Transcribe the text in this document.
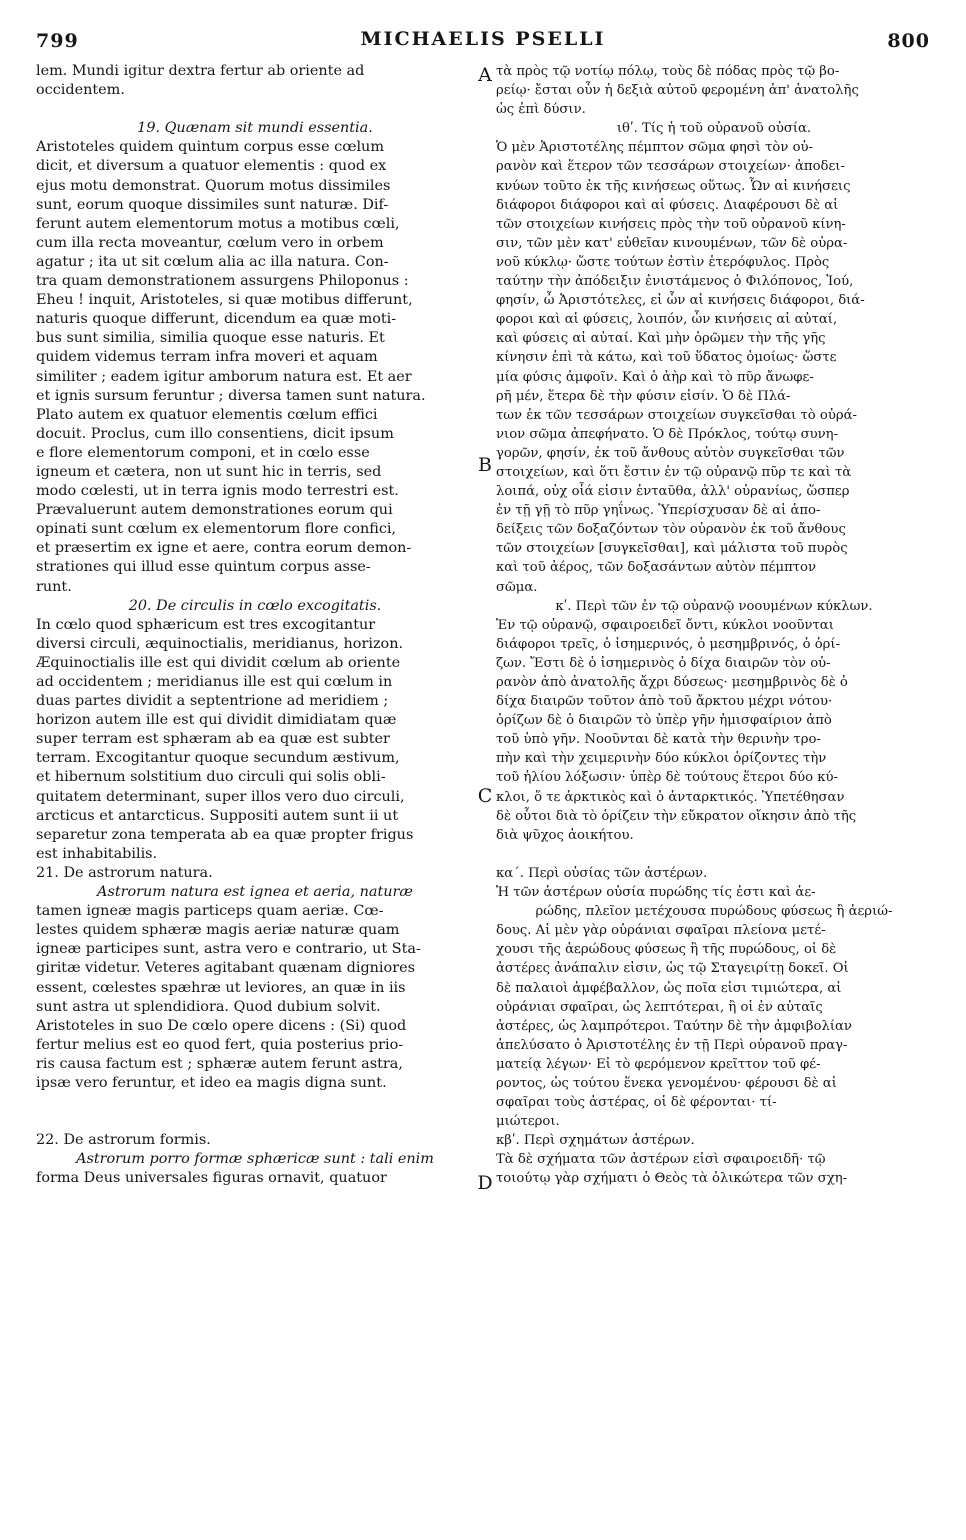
799	MICHAELIS PSELLI	800
A
B
C
D
lem. Mundi igitur dextra fertur ab oriente ad
occidentem.
19. Quænam sit mundi essentia.
Aristoteles quidem quintum corpus esse cœlum
dicit, et diversum a quatuor elementis : quod ex
ejus motu demonstrat. Quorum motus dissimiles
sunt, eorum quoque dissimiles sunt naturæ. Dif-
ferunt autem elementorum motus a motibus cœli,
cum illa recta moveantur, cœlum vero in orbem
agatur ; ita ut sit cœlum alia ac illa natura. Con-
tra quam demonstrationem assurgens Philoponus :
Eheu ! inquit, Aristoteles, si quæ motibus differunt,
naturis quoque differunt, dicendum ea quæ moti-
bus sunt similia, similia quoque esse naturis. Et
quidem videmus terram infra moveri et aquam
similiter ; eadem igitur amborum natura est. Et aer
et ignis sursum feruntur ; diversa tamen sunt natura.
Plato autem ex quatuor elementis cœlum effici
docuit. Proclus, cum illo consentiens, dicit ipsum
e flore elementorum componi, et in cœlo esse
igneum et cætera, non ut sunt hic in terris, sed
modo cœlesti, ut in terra ignis modo terrestri est.
Prævaluerunt autem demonstrationes eorum qui
opinati sunt cœlum ex elementorum flore confici,
et præsertim ex igne et aere, contra eorum demon-
strationes qui illud esse quintum corpus asse-
runt.
20. De circulis in cœlo excogitatis.
In cœlo quod sphæricum est tres excogitantur
diversi circuli, æquinoctialis, meridianus, horizon.
Æquinoctialis ille est qui dividit cœlum ab oriente
ad occidentem ; meridianus ille est qui cœlum in
duas partes dividit a septentrione ad meridiem ;
horizon autem ille est qui dividit dimidiatam quæ
super terram est sphæram ab ea quæ est subter
terram. Excogitantur quoque secundum æstivum,
et hibernum solstitium duo circuli qui solis obli-
quitatem determinant, super illos vero duo circuli,
arcticus et antarcticus. Suppositi autem sunt ii ut
separetur zona temperata ab ea quæ propter frigus
est inhabitabilis.
21. De astrorum natura.
Astrorum natura est ignea et aeria, naturæ
tamen igneæ magis particeps quam aeriæ. Cœ-
lestes quidem sphæræ magis aeriæ naturæ quam
igneæ participes sunt, astra vero e contrario, ut Sta-
giritæ videtur. Veteres agitabant quænam digniores
essent, cœlestes spæhræ ut leviores, an quæ in iis
sunt astra ut splendidiora. Quod dubium solvit.
Aristoteles in suo De cœlo opere dicens : (Si) quod
fertur melius est eo quod fert, quia posterius prio-
ris causa factum est ; sphæræ autem ferunt astra,
ipsæ vero feruntur, et ideo ea magis digna sunt.
22. De astrorum formis.
Astrorum porro formæ sphæricæ sunt : tali enim
forma Deus universales figuras ornavit, quatuor
τὰ πρὸς τῷ νοτίῳ πόλῳ, τοὺς δὲ πόδας πρὸς τῷ βο-
ρείῳ· ἔσται οὖν ἡ δεξιὰ αὐτοῦ φερομένη ἀπ' ἀνατολῆς
ὡς ἐπὶ δύσιν.
ιθʹ. Τίς ἡ τοῦ οὐρανοῦ οὐσία.
Ὁ μὲν Ἀριστοτέλης πέμπτον σῶμα φησὶ τὸν οὐ-
ρανὸν καὶ ἕτερον τῶν τεσσάρων στοιχείων· ἀποδει-
κνύων τοῦτο ἐκ τῆς κινήσεως οὕτως. Ὧν αἱ κινήσεις
διάφοροι διάφοροι καὶ αἱ φύσεις. Διαφέρουσι δὲ αἱ
τῶν στοιχείων κινήσεις πρὸς τὴν τοῦ οὐρανοῦ κίνη-
σιν, τῶν μὲν κατ' εὐθεῖαν κινουμένων, τῶν δὲ οὐρα-
νοῦ κύκλῳ· ὥστε τούτων ἐστὶν ἑτερόφυλος. Πρὸς
ταύτην τὴν ἀπόδειξιν ἐνιστάμενος ὁ Φιλόπονος, Ἰού,
φησίν, ὦ Ἀριστότελες, εἰ ὧν αἱ κινήσεις διάφοροι, διά-
φοροι καὶ αἱ φύσεις, λοιπόν, ὧν κινήσεις αἱ αὐταί,
καὶ φύσεις αἱ αὐταί. Καὶ μὴν ὁρῶμεν τὴν τῆς γῆς
κίνησιν ἐπὶ τὰ κάτω, καὶ τοῦ ὕδατος ὁμοίως· ὥστε
μία φύσις ἀμφοῖν. Καὶ ὁ ἀὴρ καὶ τὸ πῦρ ἄνωφε-
ρῆ μέν, ἕτερα δὲ τὴν φύσιν εἰσίν. Ὁ δὲ Πλά-
των ἐκ τῶν τεσσάρων στοιχείων συγκεῖσθαι τὸ οὐρά-
νιον σῶμα ἀπεφήνατο. Ὁ δὲ Πρόκλος, τούτῳ συνη-
γορῶν, φησίν, ἐκ τοῦ ἄνθους αὐτὸν συγκεῖσθαι τῶν
στοιχείων, καὶ ὅτι ἔστιν ἐν τῷ οὐρανῷ πῦρ τε καὶ τὰ
λοιπά, οὐχ οἷά εἰσιν ἐνταῦθα, ἀλλ' οὐρανίως, ὥσπερ
ἐν τῇ γῇ τὸ πῦρ γηΐνως. Ὑπερίσχυσαν δὲ αἱ ἀπο-
δείξεις τῶν δοξαζόντων τὸν οὐρανὸν ἐκ τοῦ ἄνθους
τῶν στοιχείων [συγκεῖσθαι], καὶ μάλιστα τοῦ πυρὸς
καὶ τοῦ ἀέρος, τῶν δοξασάντων αὐτὸν πέμπτον
σῶμα.
κʹ. Περὶ τῶν ἐν τῷ οὐρανῷ νοουμένων κύκλων.
Ἐν τῷ οὐρανῷ, σφαιροειδεῖ ὄντι, κύκλοι νοοῦνται
διάφοροι τρεῖς, ὁ ἰσημερινός, ὁ μεσημβρινός, ὁ ὁρί-
ζων. Ἔστι δὲ ὁ ἰσημερινὸς ὁ δίχα διαιρῶν τὸν οὐ-
ρανὸν ἀπὸ ἀνατολῆς ἄχρι δύσεως· μεσημβρινὸς δὲ ὁ
δίχα διαιρῶν τοῦτον ἀπὸ τοῦ ἄρκτου μέχρι νότου·
ὁρίζων δὲ ὁ διαιρῶν τὸ ὑπὲρ γῆν ἡμισφαίριον ἀπὸ
τοῦ ὑπὸ γῆν. Νοοῦνται δὲ κατὰ τὴν θερινὴν τρο-
πὴν καὶ τὴν χειμερινὴν δύο κύκλοι ὁρίζοντες τὴν
τοῦ ἡλίου λόξωσιν· ὑπὲρ δὲ τούτους ἕτεροι δύο κύ-
κλοι, ὅ τε ἀρκτικὸς καὶ ὁ ἀνταρκτικός. Ὑπετέθησαν
δὲ οὗτοι διὰ τὸ ὁρίζειν τὴν εὔκρατον οἴκησιν ἀπὸ τῆς
διὰ ψῦχος ἀοικήτου.
κα΄. Περὶ οὐσίας τῶν ἀστέρων.
Ἡ τῶν ἀστέρων οὐσία πυρώδης τίς ἐστι καὶ ἀε-
ρώδης, πλεῖον μετέχουσα πυρώδους φύσεως ἢ ἀεριώ-
δους. Αἱ μὲν γὰρ οὐράνιαι σφαῖραι πλείονα μετέ-
χουσι τῆς ἀερώδους φύσεως ἢ τῆς πυρώδους, οἱ δὲ
ἀστέρες ἀνάπαλιν εἰσιν, ὡς τῷ Σταγειρίτῃ δοκεῖ. Οἱ
δὲ παλαιοὶ ἀμφέβαλλον, ὡς ποῖα εἰσι τιμιώτερα, αἱ
οὐράνιαι σφαῖραι, ὡς λεπτότεραι, ἢ οἱ ἐν αὐταῖς
ἀστέρες, ὡς λαμπρότεροι. Ταύτην δὲ τὴν ἀμφιβολίαν
ἀπελύσατο ὁ Ἀριστοτέλης ἐν τῇ Περὶ οὐρανοῦ πραγ-
ματείᾳ λέγων· Εἰ τὸ φερόμενον κρεῖττον τοῦ φέ-
ροντος, ὡς τούτου ἕνεκα γενομένου· φέρουσι δὲ αἱ
σφαῖραι τοὺς ἀστέρας, οἱ δὲ φέρονται· τί-
μιώτεροι.
κβʹ. Περὶ σχημάτων ἀστέρων.
Τὰ δὲ σχήματα τῶν ἀστέρων εἰσὶ σφαιροειδῆ· τῷ
τοιούτῳ γὰρ σχήματι ὁ Θεὸς τὰ ὁλικώτερα τῶν σχη-
